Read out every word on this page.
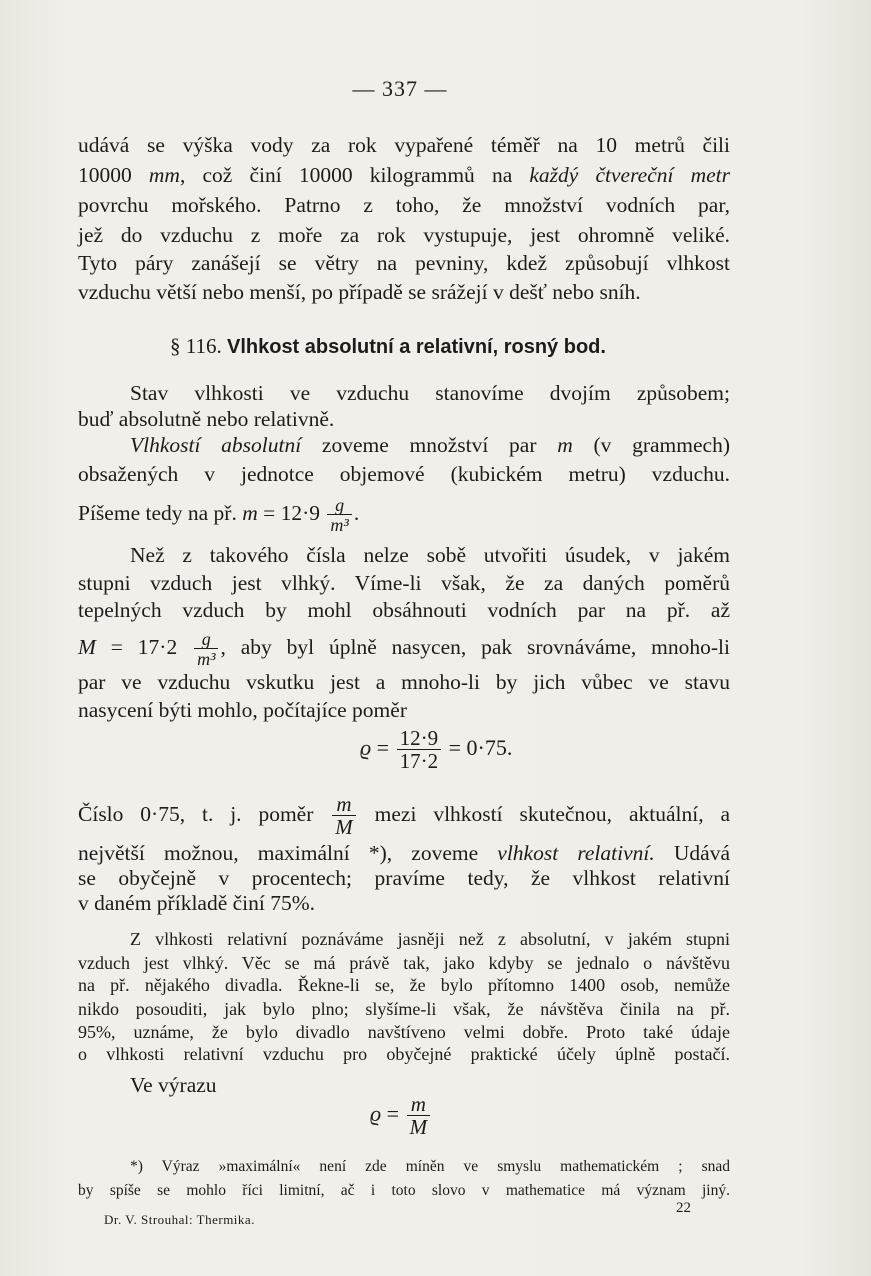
— 337 —
udává se výška vody za rok vypařené téměř na 10 metrů čili
10000 mm, což činí 10000 kilogrammů na každý čtvereční metr
povrchu mořského. Patrno z toho, že množství vodních par,
jež do vzduchu z moře za rok vystupuje, jest ohromně veliké.
Tyto páry zanášejí se větry na pevniny, kdež způsobují vlhkost
vzduchu větší nebo menší, po případě se srážejí v dešť nebo sníh.
§ 116. Vlhkost absolutní a relativní, rosný bod.
Stav vlhkosti ve vzduchu stanovíme dvojím způsobem;
buď absolutně nebo relativně.
Vlhkostí absolutní zoveme množství par m (v grammech)
obsažených v jednotce objemové (kubickém metru) vzduchu.
Píšeme tedy na př. $m = 12\cdot 9 \frac{g}{\text{m³}}$ .
Než z takového čísla nelze sobě utvořiti úsudek, v jakém
stupni vzduch jest vlhký. Víme-li však, že za daných poměrů
tepelných vzduch by mohl obsáhnouti vodních par na př. až
$M = 17\cdot 2 \frac{g}{\text{m³}}$ , aby byl úplně nasycen, pak srovnáváme, mnoho-li
par ve vzduchu vskutku jest a mnoho-li by jich vůbec ve stavu
nasycení býti mohlo, počítajíce poměr
$ϱ = \frac{12\cdot 9}{17\cdot 2} = 0\cdot 75$.
Číslo 0·75, t. j. poměr $\frac{m}{M}$ mezi vlhkostí skutečnou, aktuální, a
největší možnou, maximální *), zoveme vlhkost relativní. Udává
se obyčejně v procentech; pravíme tedy, že vlhkost relativní
v daném příkladě činí 75%.
Z vlhkosti relativní poznáváme jasněji než z absolutní, v jakém stupni
vzduch jest vlhký. Věc se má právě tak, jako kdyby se jednalo o návštěvu
na př. nějakého divadla. Řekne-li se, že bylo přítomno 1400 osob, nemůže
nikdo posouditi, jak bylo plno; slyšíme-li však, že návštěva činila na př.
95%, uznáme, že bylo divadlo navštíveno velmi dobře. Proto také údaje
o vlhkosti relativní vzduchu pro obyčejné praktické účely úplně postačí.
Ve výrazu
$ϱ = \frac{m}{M}$
*) Výraz »maximální« není zde míněn ve smyslu mathematickém ; snad
by spíše se mohlo říci limitní, ač i toto slovo v mathematice má význam jiný.
Dr. V. Strouhal: Thermika.
22
